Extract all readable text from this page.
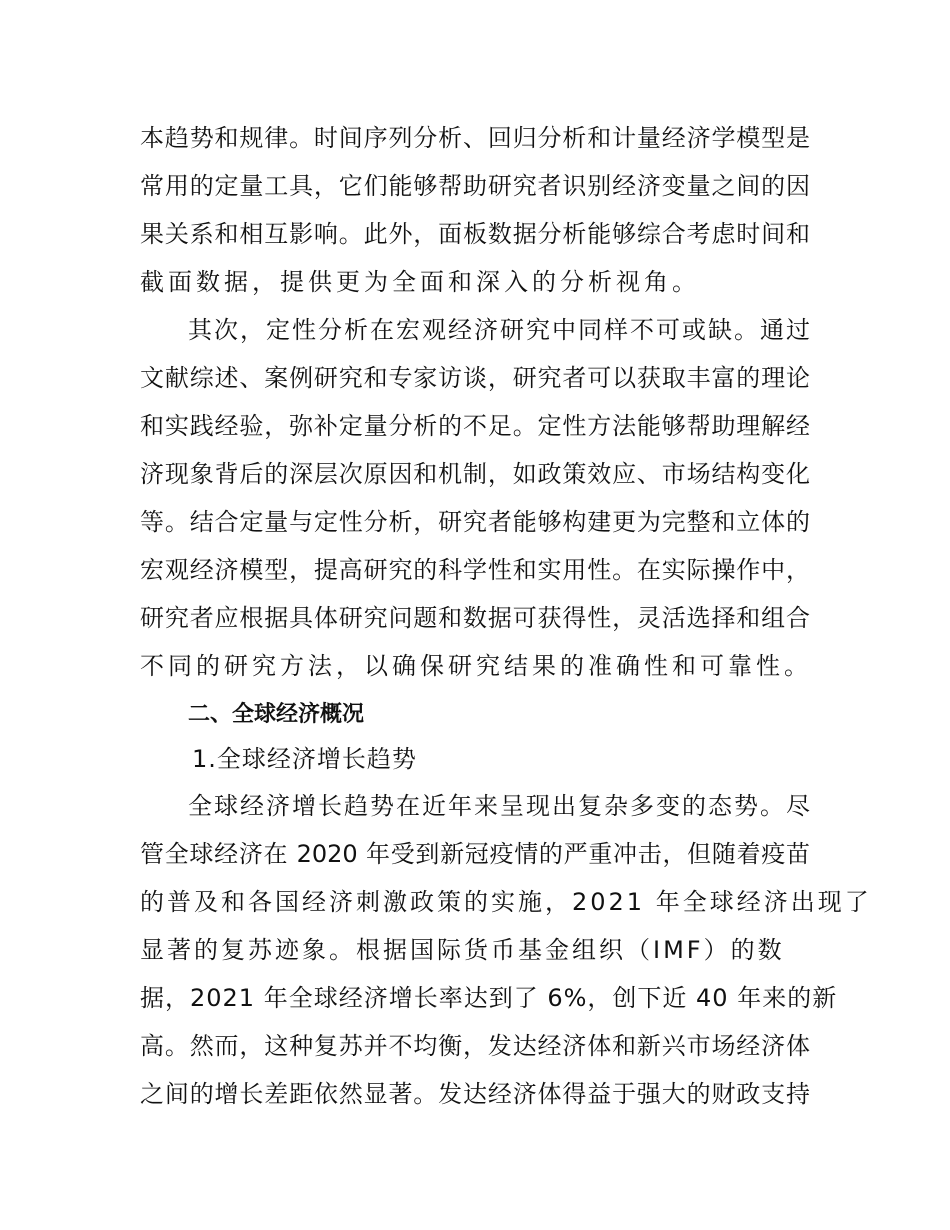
本趋势和规律。时间序列分析、回归分析和计量经济学模型是

常用的定量工具，它们能够帮助研究者识别经济变量之间的因

果关系和相互影响。此外，面板数据分析能够综合考虑时间和

截面数据，提供更为全面和深入的分析视角。

其次，定性分析在宏观经济研究中同样不可或缺。通过

文献综述、案例研究和专家访谈，研究者可以获取丰富的理论

和实践经验，弥补定量分析的不足。定性方法能够帮助理解经

济现象背后的深层次原因和机制，如政策效应、市场结构变化

等。结合定量与定性分析，研究者能够构建更为完整和立体的

宏观经济模型，提高研究的科学性和实用性。在实际操作中，

研究者应根据具体研究问题和数据可获得性，灵活选择和组合

不同的研究方法，以确保研究结果的准确性和可靠性。

二、全球经济概况

1.全球经济增长趋势

全球经济增长趋势在近年来呈现出复杂多变的态势。尽

管全球经济在 2020 年受到新冠疫情的严重冲击，但随着疫苗

的普及和各国经济刺激政策的实施，2021 年全球经济出现了

显著的复苏迹象。根据国际货币基金组织（IMF）的数

据，2021 年全球经济增长率达到了 6%，创下近 40 年来的新

高。然而，这种复苏并不均衡，发达经济体和新兴市场经济体

之间的增长差距依然显著。发达经济体得益于强大的财政支持
